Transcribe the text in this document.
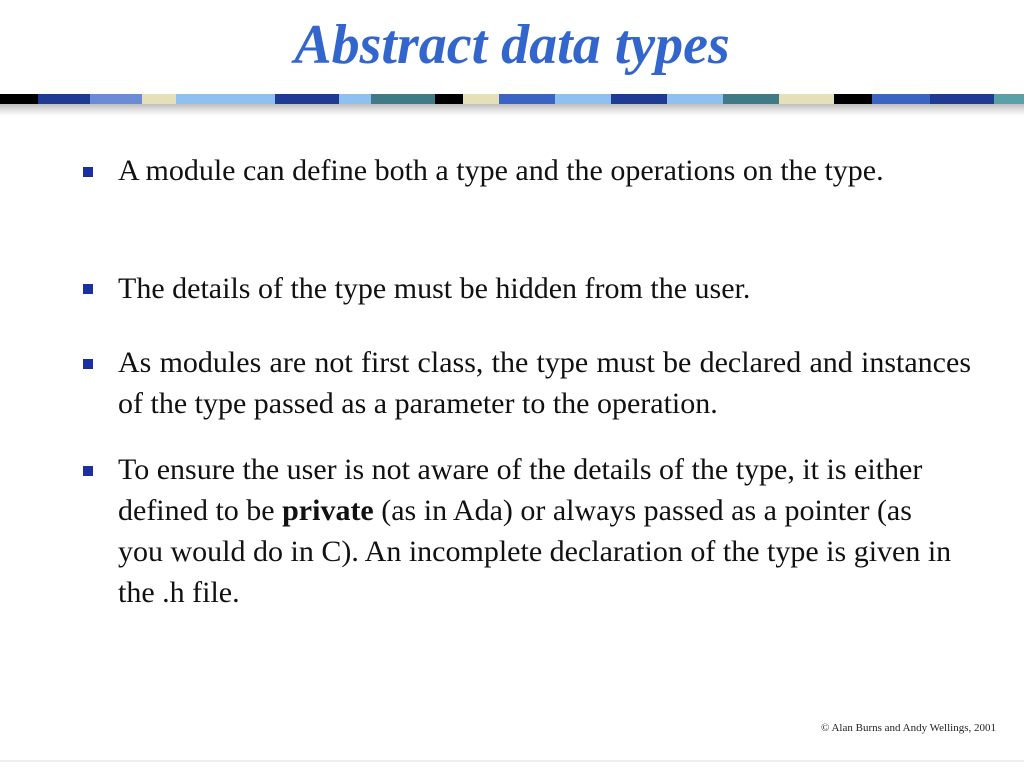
Abstract data types

A module can define both a type and the operations on the type.

The details of the type must be hidden from the user.

As modules are not first class, the type must be declared and instances of the type passed as a parameter to the operation.

To ensure the user is not aware of the details of the type, it is either defined to be private (as in Ada) or always passed as a pointer (as you would do in C). An incomplete declaration of the type is given in the .h file.

© Alan Burns and Andy Wellings, 2001
